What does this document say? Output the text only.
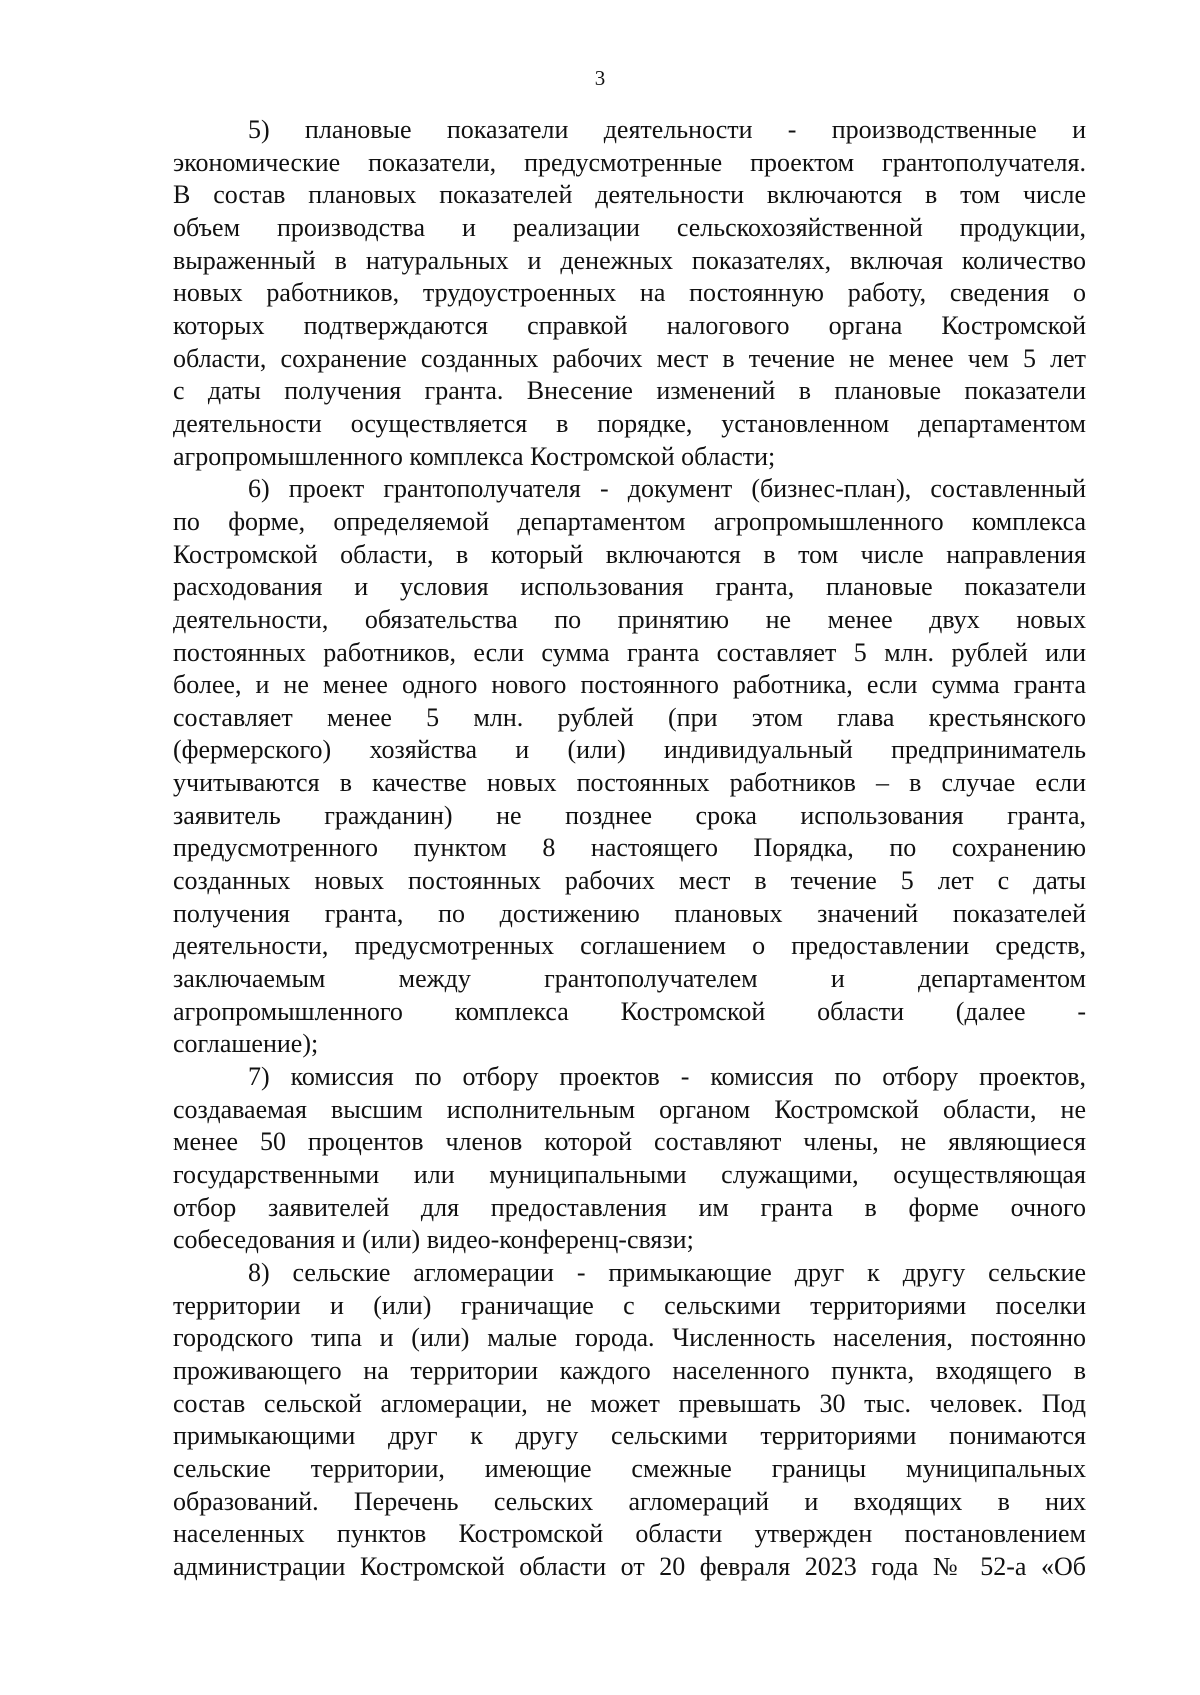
3

5) плановые показатели деятельности - производственные и
экономические показатели, предусмотренные проектом грантополучателя.
В состав плановых показателей деятельности включаются в том числе
объем производства и реализации сельскохозяйственной продукции,
выраженный в натуральных и денежных показателях, включая количество
новых работников, трудоустроенных на постоянную работу, сведения о
которых подтверждаются справкой налогового органа Костромской
области, сохранение созданных рабочих мест в течение не менее чем 5 лет
с даты получения гранта. Внесение изменений в плановые показатели
деятельности осуществляется в порядке, установленном департаментом
агропромышленного комплекса Костромской области;

6) проект грантополучателя - документ (бизнес-план), составленный
по форме, определяемой департаментом агропромышленного комплекса
Костромской области, в который включаются в том числе направления
расходования и условия использования гранта, плановые показатели
деятельности, обязательства по принятию не менее двух новых
постоянных работников, если сумма гранта составляет 5 млн. рублей или
более, и не менее одного нового постоянного работника, если сумма гранта
составляет менее 5 млн. рублей (при этом глава крестьянского
(фермерского) хозяйства и (или) индивидуальный предприниматель
учитываются в качестве новых постоянных работников – в случае если
заявитель гражданин) не позднее срока использования гранта,
предусмотренного пунктом 8 настоящего Порядка, по сохранению
созданных новых постоянных рабочих мест в течение 5 лет с даты
получения гранта, по достижению плановых значений показателей
деятельности, предусмотренных соглашением о предоставлении средств,
заключаемым между грантополучателем и департаментом
агропромышленного комплекса Костромской области (далее -
соглашение);

7) комиссия по отбору проектов - комиссия по отбору проектов,
создаваемая высшим исполнительным органом Костромской области, не
менее 50 процентов членов которой составляют члены, не являющиеся
государственными или муниципальными служащими, осуществляющая
отбор заявителей для предоставления им гранта в форме очного
собеседования и (или) видео-конференц-связи;

8) сельские агломерации - примыкающие друг к другу сельские
территории и (или) граничащие с сельскими территориями поселки
городского типа и (или) малые города. Численность населения, постоянно
проживающего на территории каждого населенного пункта, входящего в
состав сельской агломерации, не может превышать 30 тыс. человек. Под
примыкающими друг к другу сельскими территориями понимаются
сельские территории, имеющие смежные границы муниципальных
образований. Перечень сельских агломераций и входящих в них
населенных пунктов Костромской области утвержден постановлением
администрации Костромской области от 20 февраля 2023 года № 52-а «Об
